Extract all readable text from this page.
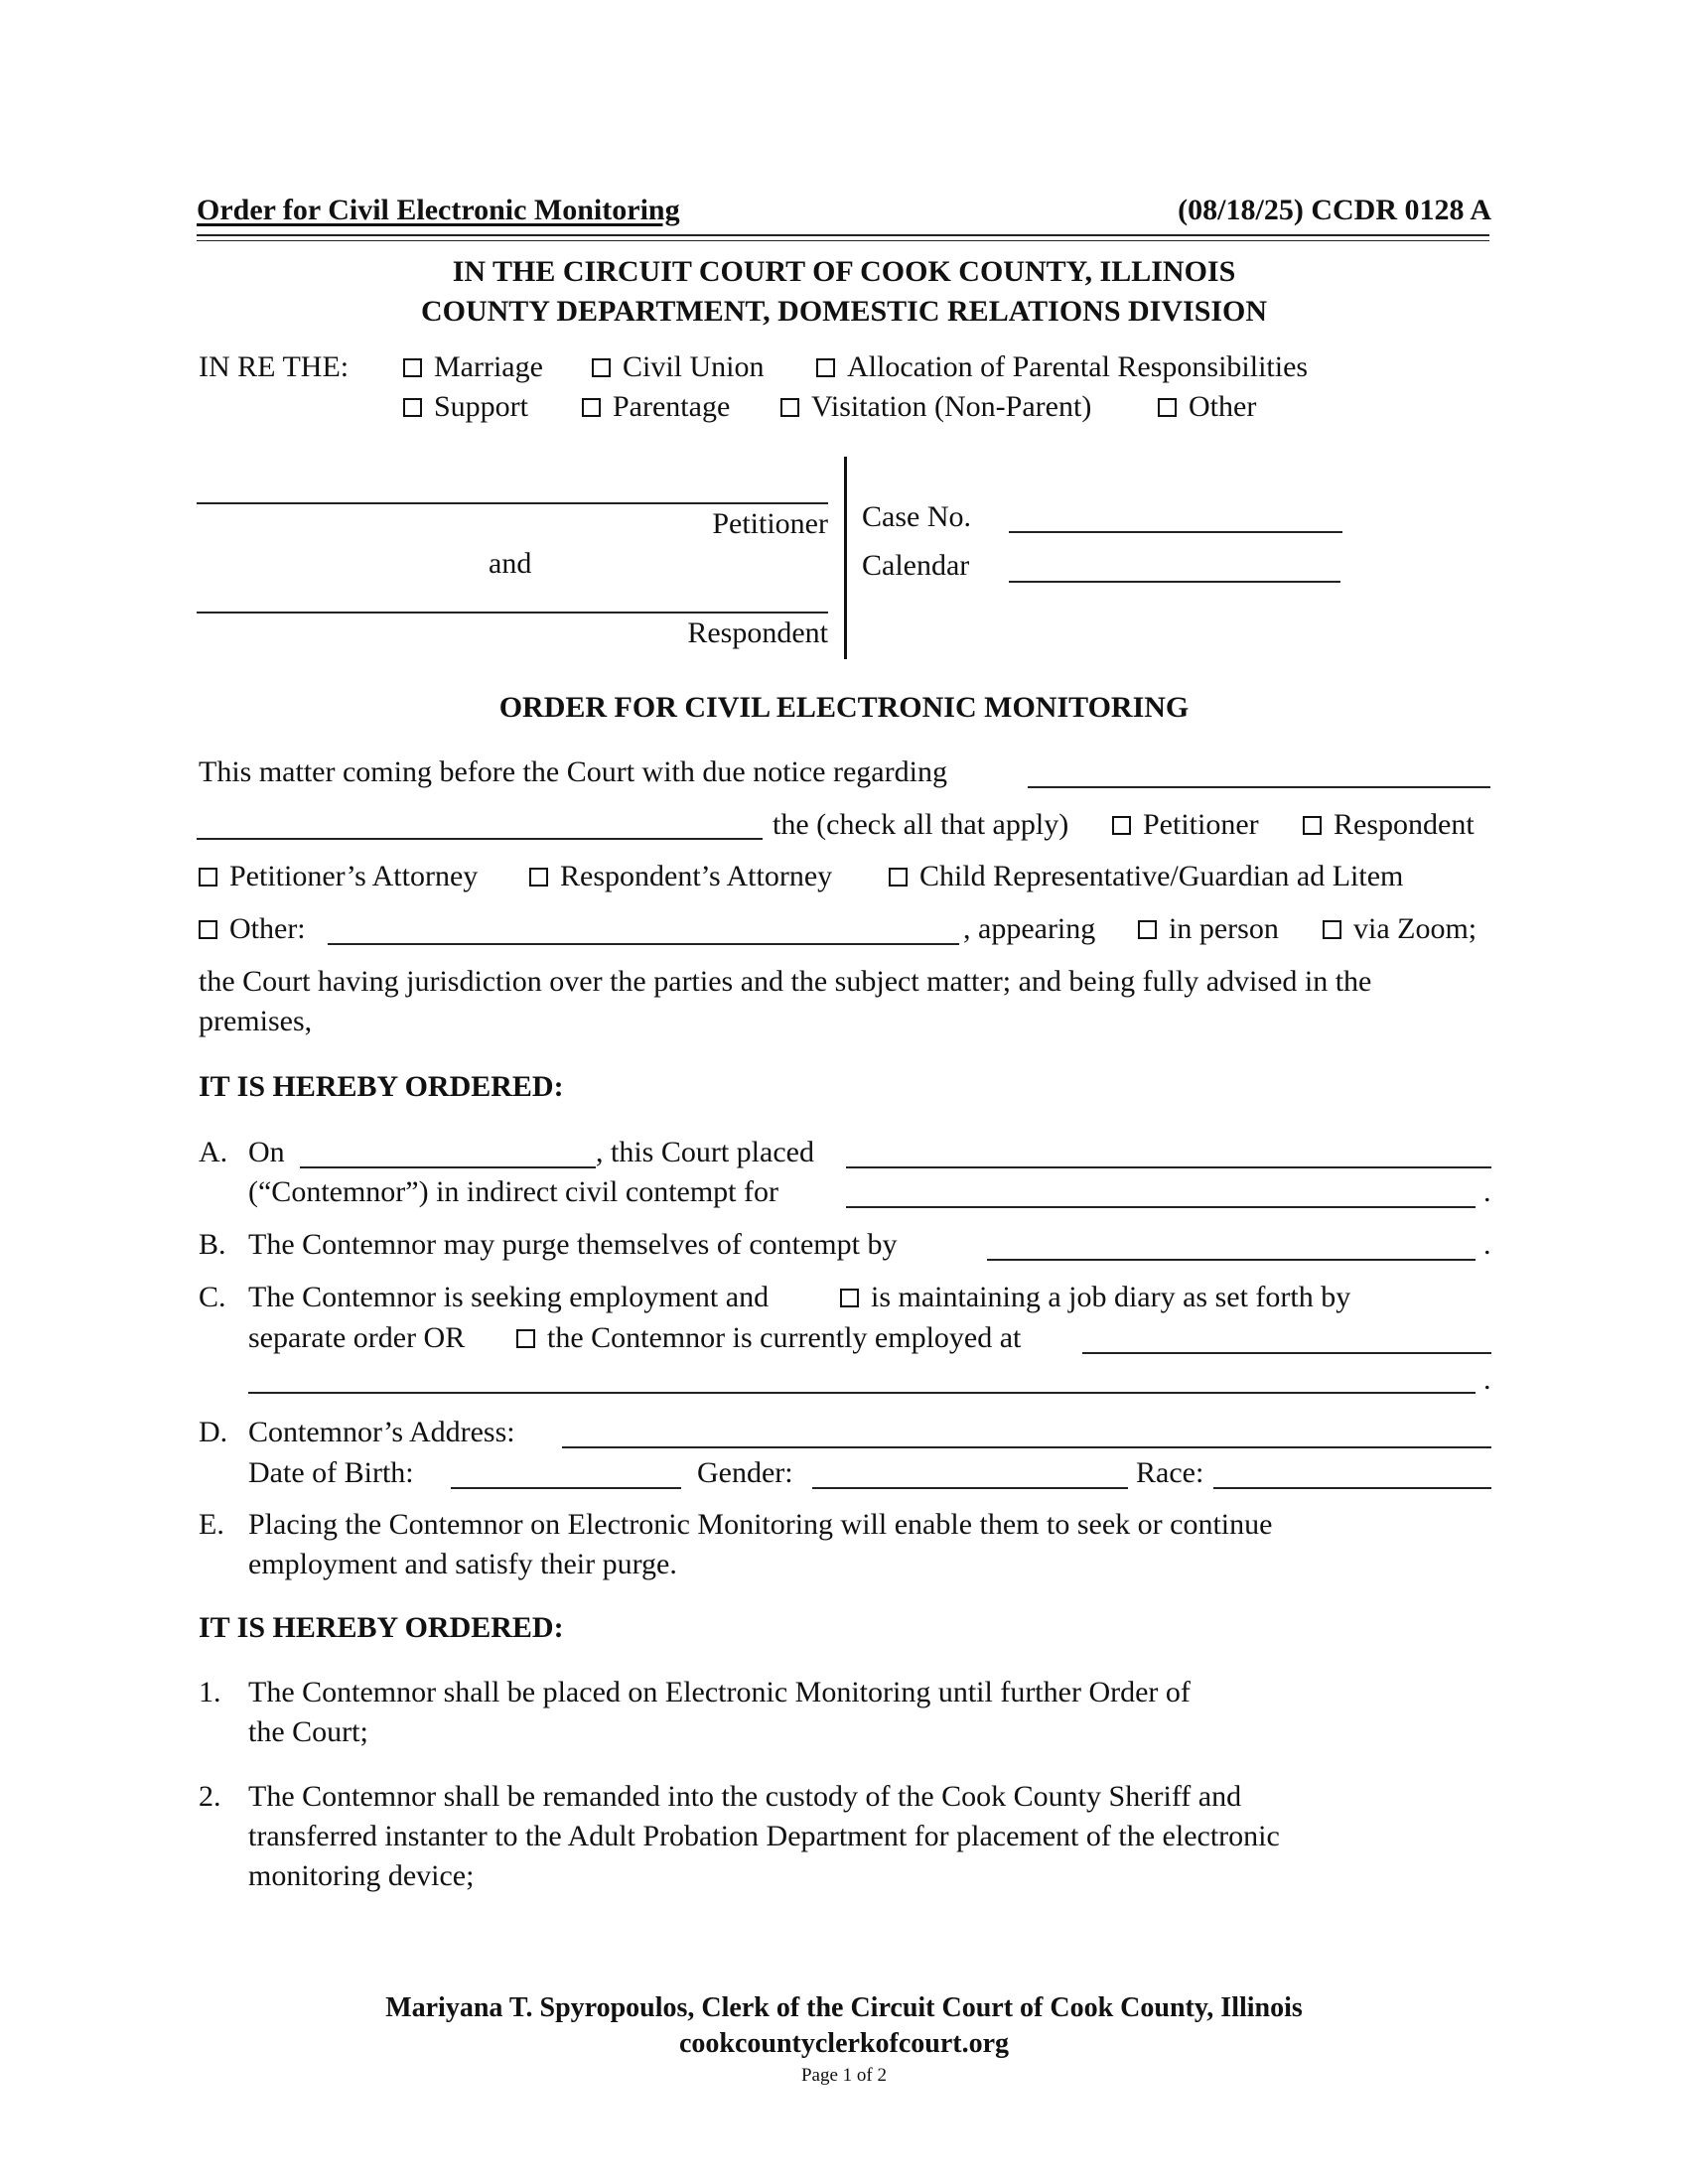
Order for Civil Electronic Monitoring	(08/18/25) CCDR 0128 A
IN THE CIRCUIT COURT OF COOK COUNTY, ILLINOIS
COUNTY DEPARTMENT, DOMESTIC RELATIONS DIVISION
IN RE THE:	Marriage	Civil Union	Allocation of Parental Responsibilities
Support	Parentage	Visitation (Non-Parent)	Other
Petitioner
and
Respondent
Case No.
Calendar
ORDER FOR CIVIL ELECTRONIC MONITORING
This matter coming before the Court with due notice regarding
the (check all that apply)	Petitioner	Respondent
Petitioner’s Attorney	Respondent’s Attorney	Child Representative/Guardian ad Litem
Other:	, appearing	in person	via Zoom;
the Court having jurisdiction over the parties and the subject matter; and being fully advised in the
premises,
IT IS HEREBY ORDERED:
A. On	, this Court placed
(“Contemnor”) in indirect civil contempt for	.
B. The Contemnor may purge themselves of contempt by	.
C. The Contemnor is seeking employment and	is maintaining a job diary as set forth by
separate order OR	the Contemnor is currently employed at
.
D. Contemnor’s Address:
Date of Birth:	Gender:	Race:
E. Placing the Contemnor on Electronic Monitoring will enable them to seek or continue
employment and satisfy their purge.
IT IS HEREBY ORDERED:
1. The Contemnor shall be placed on Electronic Monitoring until further Order of
the Court;
2. The Contemnor shall be remanded into the custody of the Cook County Sheriff and
transferred instanter to the Adult Probation Department for placement of the electronic
monitoring device;
Mariyana T. Spyropoulos, Clerk of the Circuit Court of Cook County, Illinois
cookcountyclerkofcourt.org
Page 1 of 2
